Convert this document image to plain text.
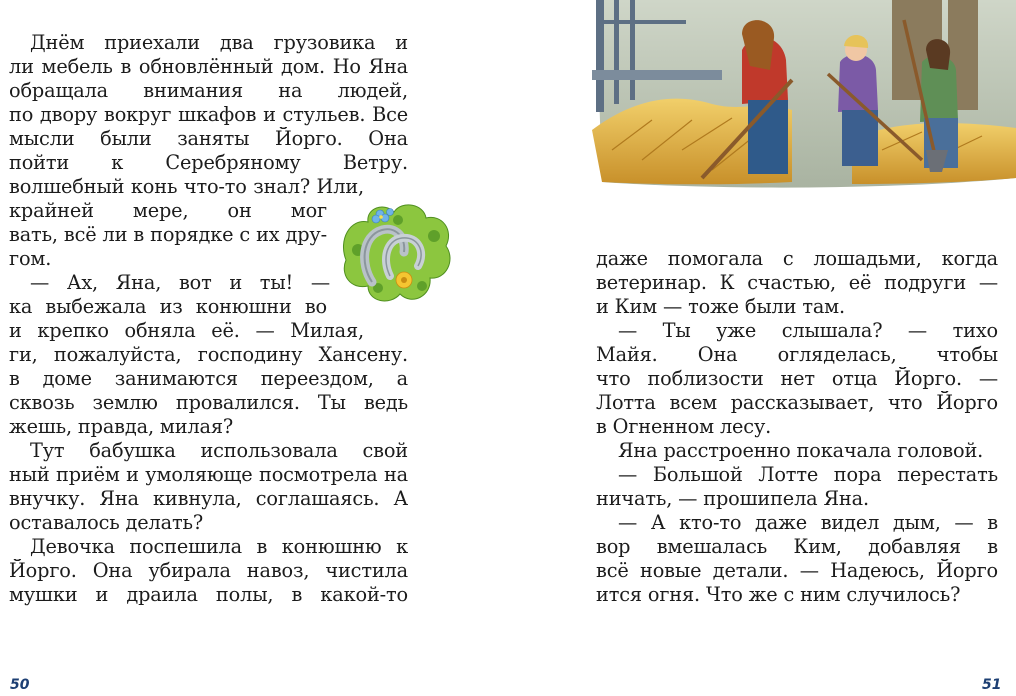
Днём приехали два грузовика и
ли мебель в обновлённый дом. Но Яна
обращала внимания на людей,
по двору вокруг шкафов и стульев. Все
мысли были заняты Йорго. Она
пойти к Серебряному Ветру.
волшебный конь что-то знал? Или,
крайней мере, он мог
вать, всё ли в порядке с их дру-
гом.
— Ах, Яна, вот и ты! —
ка выбежала из конюшни во
и крепко обняла её. — Милая,
ги, пожалуйста, господину Хансену.
в доме занимаются переездом, а
сквозь землю провалился. Ты ведь
жешь, правда, милая?
Тут бабушка использовала свой
ный приём и умоляюще посмотрела на
внучку. Яна кивнула, соглашаясь. А
оставалось делать?
Девочка поспешила в конюшню к
Йорго. Она убирала навоз, чистила
мушки и драила полы, в какой-то
50
даже помогала с лошадьми, когда
ветеринар. К счастью, её подруги —
и Ким — тоже были там.
— Ты уже слышала? — тихо
Майя. Она огляделась, чтобы
что поблизости нет отца Йорго. —
Лотта всем рассказывает, что Йорго
в Огненном лесу.
Яна расстроенно покачала головой.
— Большой Лотте пора перестать
ничать, — прошипела Яна.
— А кто-то даже видел дым, — в
вор вмешалась Ким, добавляя в
всё новые детали. — Надеюсь, Йорго
ится огня. Что же с ним случилось?
51
